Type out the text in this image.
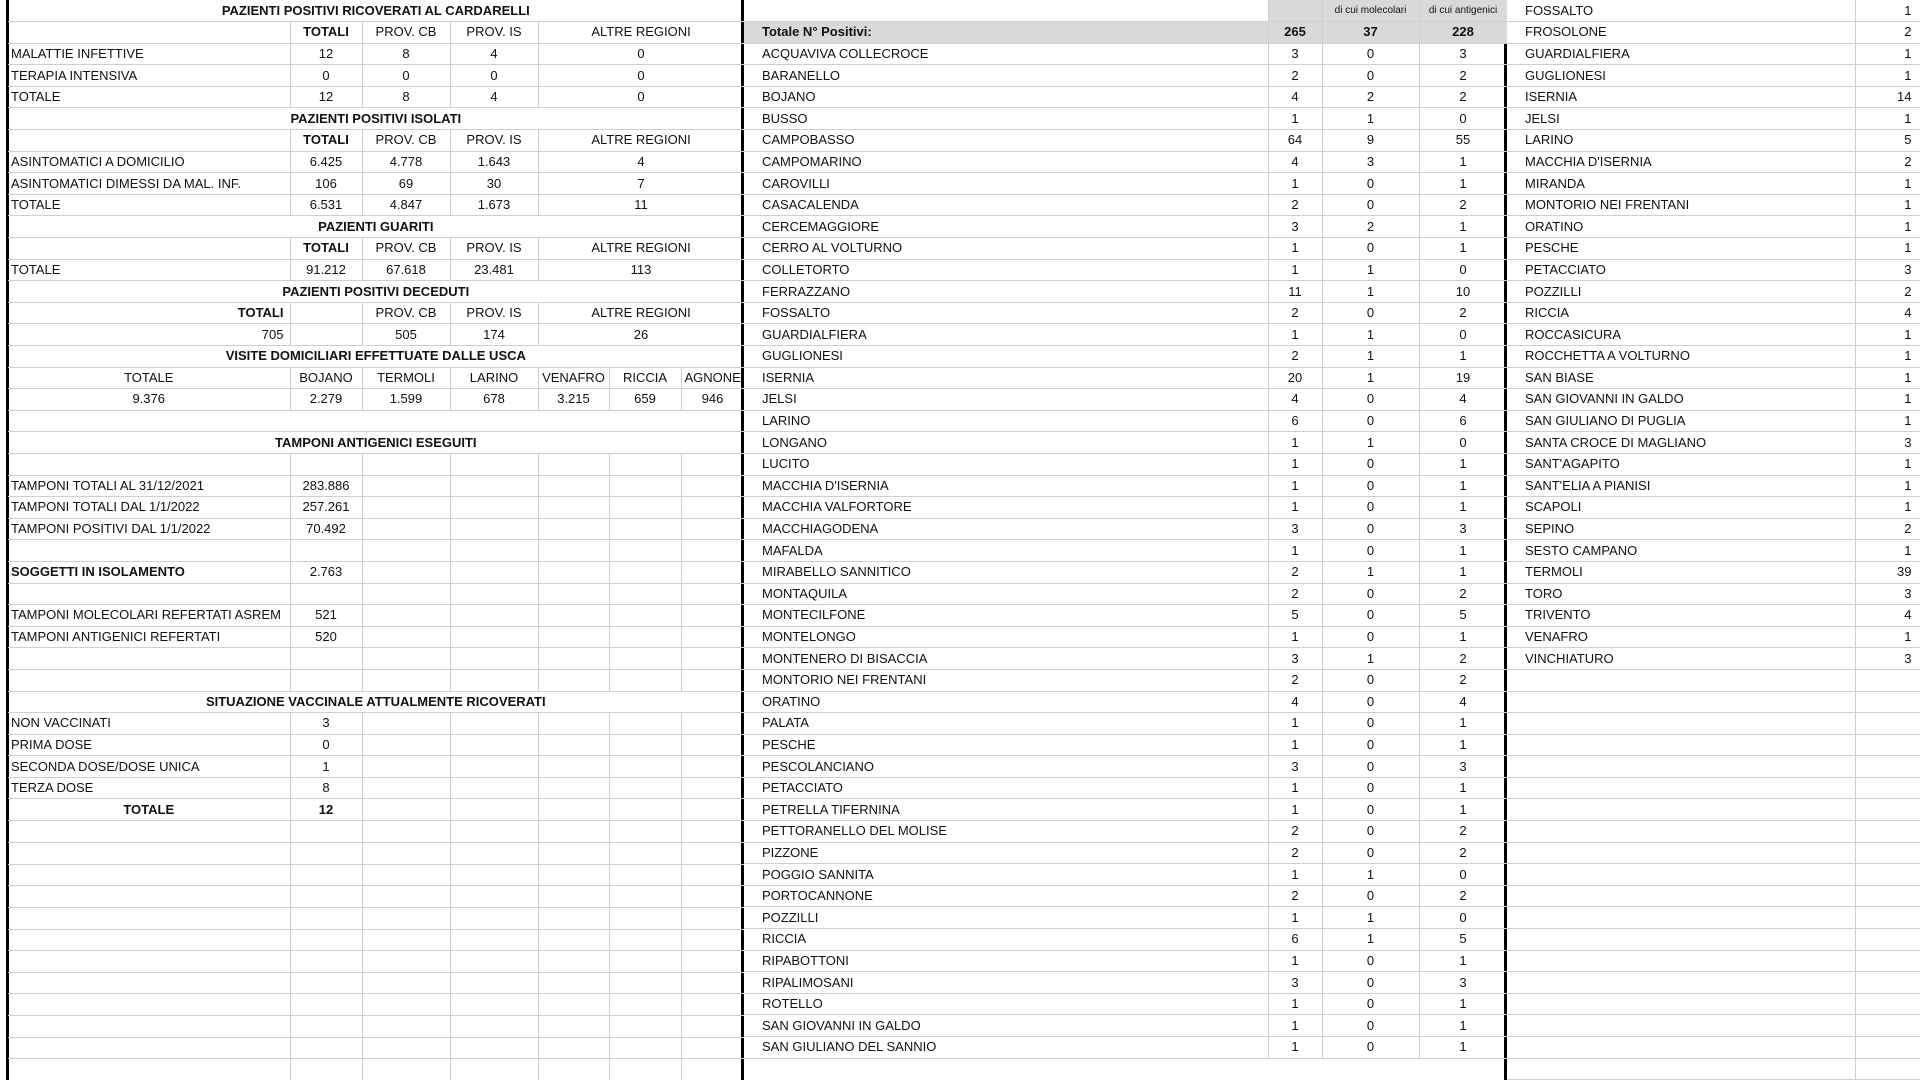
PAZIENTI POSITIVI RICOVERATI AL CARDARELLI						
	TOTALI	PROV. CB	PROV. IS	ALTRE REGIONI		
MALATTIE INFETTIVE	12	8	4	0		
TERAPIA INTENSIVA	0	0	0	0		
TOTALE	12	8	4	0		
PAZIENTI POSITIVI ISOLATI						
	TOTALI	PROV. CB	PROV. IS	ALTRE REGIONI		
ASINTOMATICI A DOMICILIO	6.425	4.778	1.643	4		
ASINTOMATICI DIMESSI DA MAL. INF.	106	69	30	7		
TOTALE	6.531	4.847	1.673	11		
PAZIENTI GUARITI						
	TOTALI	PROV. CB	PROV. IS	ALTRE REGIONI		
TOTALE	91.212	67.618	23.481	113		
PAZIENTI POSITIVI DECEDUTI						
TOTALI		PROV. CB	PROV. IS	ALTRE REGIONI		
705		505	174	26		
VISITE DOMICILIARI EFFETTUATE DALLE USCA						
TOTALE	BOJANO	TERMOLI	LARINO	VENAFRO	RICCIA	AGNONE
9.376	2.279	1.599	678	3.215	659	946

TAMPONI ANTIGENICI ESEGUITI						

TAMPONI TOTALI AL 31/12/2021	283.886					
TAMPONI TOTALI DAL 1/1/2022	257.261					
TAMPONI POSITIVI DAL 1/1/2022	70.492					

SOGGETTI IN ISOLAMENTO	2.763					

TAMPONI MOLECOLARI REFERTATI ASREM	521					
TAMPONI ANTIGENICI REFERTATI	520					

SITUAZIONE VACCINALE ATTUALMENTE RICOVERATI						
NON VACCINATI	3					
PRIMA DOSE	0					
SECONDA DOSE/DOSE UNICA	1					
TERZA DOSE	8					
TOTALE	12					

		di cui molecolari	di cui antigenici
Totale N° Positivi:	265	37	228
ACQUAVIVA COLLECROCE	3	0	3
BARANELLO	2	0	2
BOJANO	4	2	2
BUSSO	1	1	0
CAMPOBASSO	64	9	55
CAMPOMARINO	4	3	1
CAROVILLI	1	0	1
CASACALENDA	2	0	2
CERCEMAGGIORE	3	2	1
CERRO AL VOLTURNO	1	0	1
COLLETORTO	1	1	0
FERRAZZANO	11	1	10
FOSSALTO	2	0	2
GUARDIALFIERA	1	1	0
GUGLIONESI	2	1	1
ISERNIA	20	1	19
JELSI	4	0	4
LARINO	6	0	6
LONGANO	1	1	0
LUCITO	1	0	1
MACCHIA D'ISERNIA	1	0	1
MACCHIA VALFORTORE	1	0	1
MACCHIAGODENA	3	0	3
MAFALDA	1	0	1
MIRABELLO SANNITICO	2	1	1
MONTAQUILA	2	0	2
MONTECILFONE	5	0	5
MONTELONGO	1	0	1
MONTENERO DI BISACCIA	3	1	2
MONTORIO NEI FRENTANI	2	0	2
ORATINO	4	0	4
PALATA	1	0	1
PESCHE	1	0	1
PESCOLANCIANO	3	0	3
PETACCIATO	1	0	1
PETRELLA TIFERNINA	1	0	1
PETTORANELLO DEL MOLISE	2	0	2
PIZZONE	2	0	2
POGGIO SANNITA	1	1	0
PORTOCANNONE	2	0	2
POZZILLI	1	1	0
RICCIA	6	1	5
RIPABOTTONI	1	0	1
RIPALIMOSANI	3	0	3
ROTELLO	1	0	1
SAN GIOVANNI IN GALDO	1	0	1
SAN GIULIANO DEL SANNIO	1	0	1
FOSSALTO	1
FROSOLONE	2
GUARDIALFIERA	1
GUGLIONESI	1
ISERNIA	14
JELSI	1
LARINO	5
MACCHIA D'ISERNIA	2
MIRANDA	1
MONTORIO NEI FRENTANI	1
ORATINO	1
PESCHE	1
PETACCIATO	3
POZZILLI	2
RICCIA	4
ROCCASICURA	1
ROCCHETTA A VOLTURNO	1
SAN BIASE	1
SAN GIOVANNI IN GALDO	1
SAN GIULIANO DI PUGLIA	1
SANTA CROCE DI MAGLIANO	3
SANT'AGAPITO	1
SANT'ELIA A PIANISI	1
SCAPOLI	1
SEPINO	2
SESTO CAMPANO	1
TERMOLI	39
TORO	3
TRIVENTO	4
VENAFRO	1
VINCHIATURO	3
